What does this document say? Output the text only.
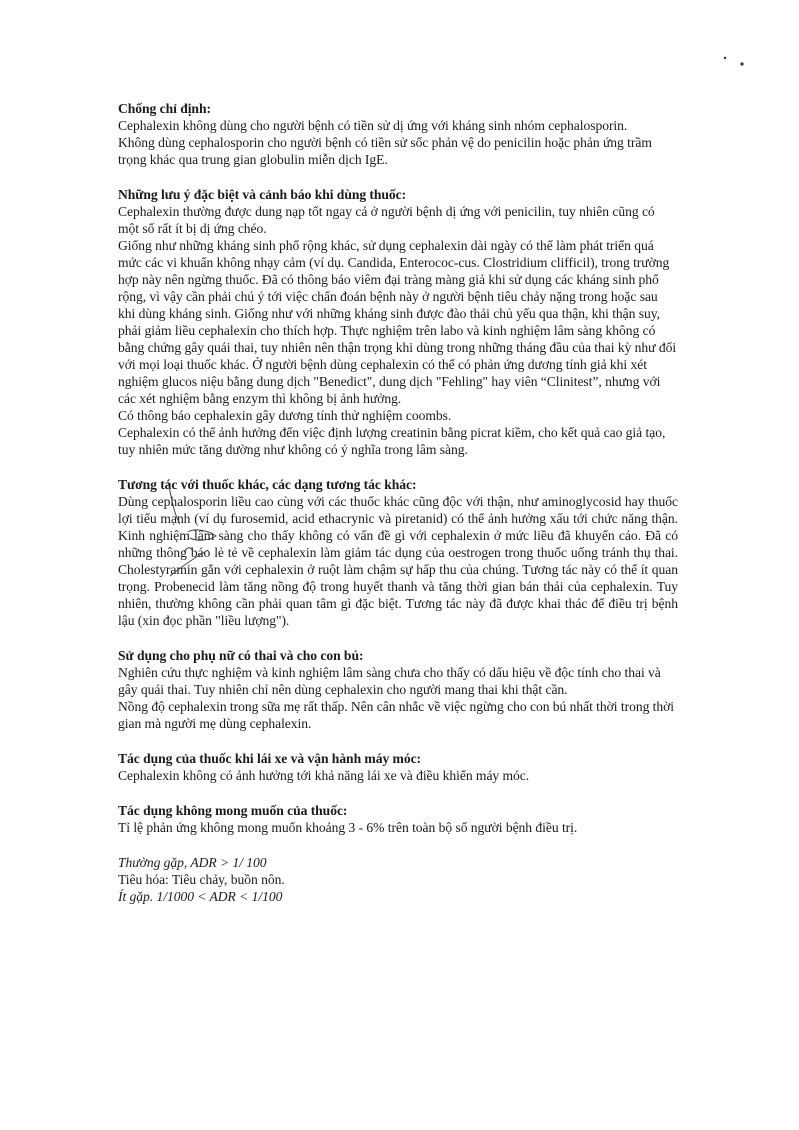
Chống chỉ định:

Cephalexin không dùng cho người bệnh có tiền sử dị ứng với kháng sinh nhóm cephalosporin.

Không dùng cephalosporin cho người bệnh có tiền sử sốc phản vệ do penicilin hoặc phản ứng trầm trọng khác qua trung gian globulin miễn dịch IgE.

Những lưu ý đặc biệt và cảnh báo khi dùng thuốc:

Cephalexin thường được dung nạp tốt ngay cả ở người bệnh dị ứng với penicilin, tuy nhiên cũng có một số rất ít bị dị ứng chéo.

Giống như những kháng sinh phổ rộng khác, sử dụng cephalexin dài ngày có thể làm phát triển quá mức các vi khuẩn không nhạy cảm (ví dụ. Candida, Enterococ-cus. Clostridium clifficil), trong trường hợp này nên ngừng thuốc. Đã có thông báo viêm đại tràng màng giả khi sử dụng các kháng sinh phổ rộng, vì vậy cần phải chú ý tới việc chẩn đoán bệnh này ở người bệnh tiêu chảy nặng trong hoặc sau khi dùng kháng sinh. Giống như với những kháng sinh được đào thải chủ yếu qua thận, khi thận suy, phải giảm liều cephalexin cho thích hợp. Thực nghiệm trên labo và kinh nghiệm lâm sàng không có bằng chứng gây quái thai, tuy nhiên nên thận trọng khi dùng trong những tháng đầu của thai kỳ như đối với mọi loại thuốc khác. Ở người bệnh dùng cephalexin có thể có phản ứng dương tính giả khi xét nghiệm glucos niệu bằng dung dịch "Benedict", dung dịch "Fehling" hay viên “Clinitest”, nhưng với các xét nghiệm bằng enzym thì không bị ảnh hưởng.

Có thông báo cephalexin gây dương tính thử nghiệm coombs.

Cephalexin có thể ảnh hưởng đến việc định lượng creatinin bằng picrat kiềm, cho kết quả cao giả tạo, tuy nhiên mức tăng dường như không có ý nghĩa trong lâm sàng.

Tương tác với thuốc khác, các dạng tương tác khác:

Dùng cephalosporin liều cao cùng với các thuốc khác cũng độc với thận, như aminoglycosid hay thuốc lợi tiểu mạnh (ví dụ furosemid, acid ethacrynic và piretanid) có thể ảnh hưởng xấu tới chức năng thận. Kinh nghiệm lâm sàng cho thấy không có vấn đề gì với cephalexin ở mức liều đã khuyến cáo. Đã có những thông báo lẻ tẻ về cephalexin làm giảm tác dụng của oestrogen trong thuốc uống tránh thụ thai. Cholestyramin gắn với cephalexin ở ruột làm chậm sự hấp thu của chúng. Tương tác này có thể ít quan trọng. Probenecid làm tăng nồng độ trong huyết thanh và tăng thời gian bán thải của cephalexin. Tuy nhiên, thường không cần phải quan tâm gì đặc biệt. Tương tác này đã được khai thác để điều trị bệnh lậu (xin đọc phần "liều lượng").

Sử dụng cho phụ nữ có thai và cho con bú:

Nghiên cứu thực nghiệm và kinh nghiệm lâm sàng chưa cho thấy có dấu hiệu về độc tính cho thai và gây quái thai. Tuy nhiên chỉ nên dùng cephalexin cho người mang thai khi thật cần.

Nồng độ cephalexin trong sữa mẹ rất thấp. Nên cân nhắc về việc ngừng cho con bú nhất thời trong thời gian mà người mẹ dùng cephalexin.

Tác dụng của thuốc khi lái xe và vận hành máy móc:

Cephalexin không có ảnh hưởng tới khả năng lái xe và điều khiển máy móc.

Tác dụng không mong muốn của thuốc:

Tỉ lệ phản ứng không mong muốn khoảng 3 - 6% trên toàn bộ số người bệnh điều trị.

Thường gặp, ADR > 1/ 100

Tiêu hóa: Tiêu chảy, buồn nôn.

Ít gặp. 1/1000 < ADR < 1/100
